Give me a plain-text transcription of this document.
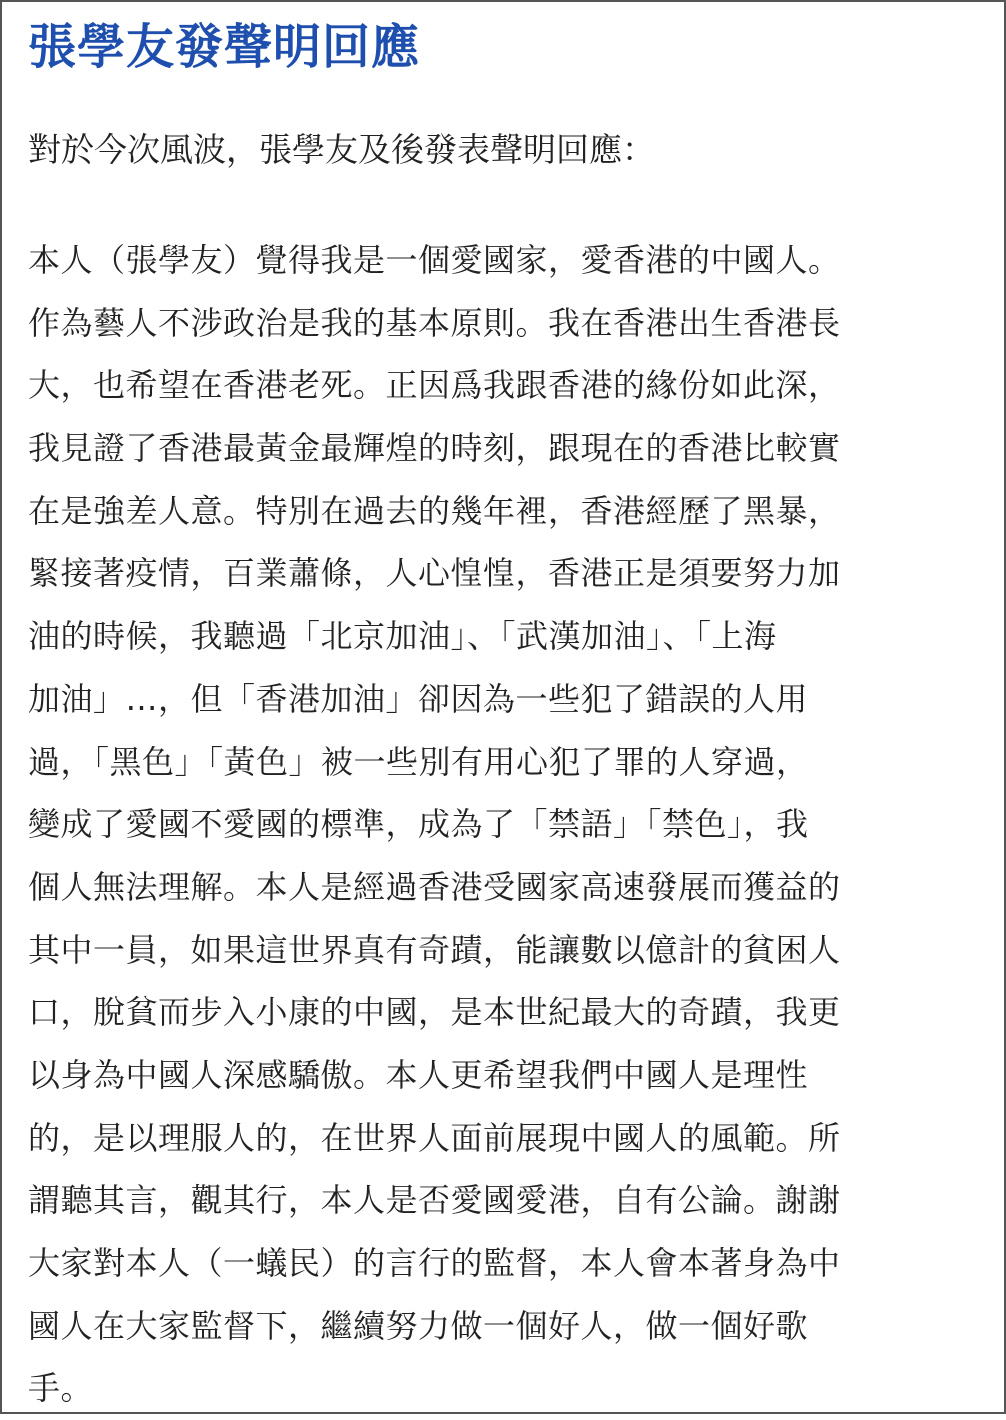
張學友發聲明回應

對於今次風波，張學友及後發表聲明回應：

本人（張學友）覺得我是一個愛國家，愛香港的中國人。
作為藝人不涉政治是我的基本原則。我在香港出生香港長
大，也希望在香港老死。正因爲我跟香港的緣份如此深，
我見證了香港最黃金最輝煌的時刻，跟現在的香港比較實
在是強差人意。特別在過去的幾年裡，香港經歷了黑暴，
緊接著疫情，百業蕭條，人心惶惶，香港正是須要努力加
油的時候，我聽過「北京加油」、「武漢加油」、「上海
加油」…，但「香港加油」卻因為一些犯了錯誤的人用
過，「黑色」「黃色」被一些別有用心犯了罪的人穿過，
變成了愛國不愛國的標準，成為了「禁語」「禁色」，我
個人無法理解。本人是經過香港受國家高速發展而獲益的
其中一員，如果這世界真有奇蹟，能讓數以億計的貧困人
口，脫貧而步入小康的中國，是本世紀最大的奇蹟，我更
以身為中國人深感驕傲。本人更希望我們中國人是理性
的，是以理服人的，在世界人面前展現中國人的風範。所
謂聽其言，觀其行，本人是否愛國愛港，自有公論。謝謝
大家對本人（一蟻民）的言行的監督，本人會本著身為中
國人在大家監督下，繼續努力做一個好人，做一個好歌
手。
